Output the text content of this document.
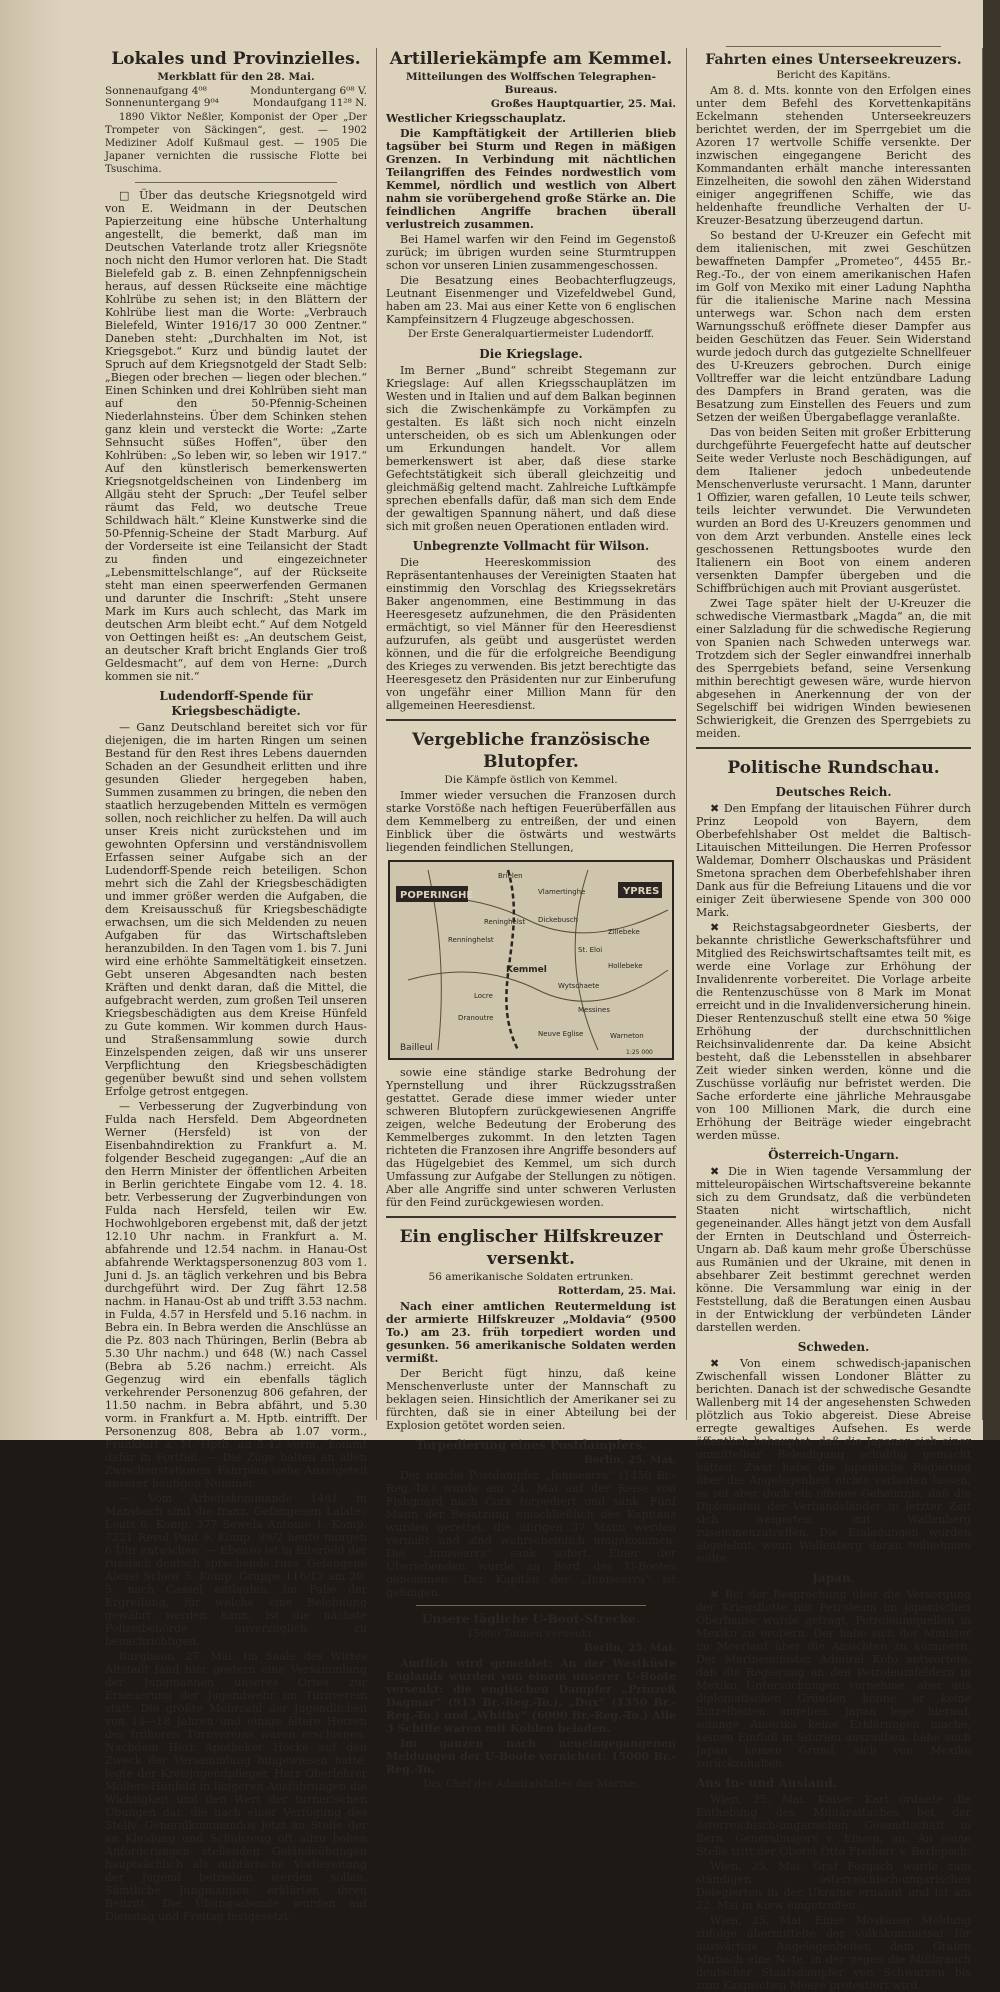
Lokales und Provinzielles.
Merkblatt für den 28. Mai.
Sonnenaufgang 4⁰⁸	Monduntergang 6⁰⁸ V.
Sonnenuntergang 9⁰⁴	Mondaufgang 11²⁸ N.
1890 Viktor Neßler, Komponist der Oper „Der Trompeter von Säckingen“, gest. — 1902 Mediziner Adolf Kußmaul gest. — 1905 Die Japaner vernichten die russische Flotte bei Tsuschima.
□ Über das deutsche Kriegsnotgeld wird von E. Weidmann in der Deutschen Papierzeitung eine hübsche Unterhaltung angestellt, die bemerkt, daß man im Deutschen Vaterlande trotz aller Kriegsnöte noch nicht den Humor verloren hat. Die Stadt Bielefeld gab z. B. einen Zehnpfennigschein heraus, auf dessen Rückseite eine mächtige Kohlrübe zu sehen ist; in den Blättern der Kohlrübe liest man die Worte: „Verbrauch Bielefeld, Winter 1916/17 30 000 Zentner.“ Daneben steht: „Durchhalten im Not, ist Kriegsgebot.“ Kurz und bündig lautet der Spruch auf dem Kriegsnotgeld der Stadt Selb: „Biegen oder brechen — liegen oder blechen.“ Einen Schinken und drei Kohlrüben sieht man auf den 50-Pfennig-Scheinen Niederlahnsteins. Über dem Schinken stehen ganz klein und versteckt die Worte: „Zarte Sehnsucht süßes Hoffen“, über den Kohlrüben: „So leben wir, so leben wir 1917.“ Auf den künstlerisch bemerkenswerten Kriegsnotgeldscheinen von Lindenberg im Allgäu steht der Spruch: „Der Teufel selber räumt das Feld, wo deutsche Treue Schildwach hält.“ Kleine Kunstwerke sind die 50-Pfennig-Scheine der Stadt Marburg. Auf der Vorderseite ist eine Teilansicht der Stadt zu finden und eingezeichneter „Lebensmittelschlange“, auf der Rückseite steht man einen speerwerfenden Germanen und darunter die Inschrift: „Steht unsere Mark im Kurs auch schlecht, das Mark im deutschen Arm bleibt echt.“ Auf dem Notgeld von Oettingen heißt es: „An deutschem Geist, an deutscher Kraft bricht Englands Gier troß Geldesmacht“, auf dem von Herne: „Durch kommen sie nit.“
Ludendorff-Spende für Kriegsbeschädigte.
— Ganz Deutschland bereitet sich vor für diejenigen, die im harten Ringen um seinen Bestand für den Rest ihres Lebens dauernden Schaden an der Gesundheit erlitten und ihre gesunden Glieder hergegeben haben, Summen zusammen zu bringen, die neben den staatlich herzugebenden Mitteln es vermögen sollen, noch reichlicher zu helfen. Da will auch unser Kreis nicht zurückstehen und im gewohnten Opfersinn und verständnisvollem Erfassen seiner Aufgabe sich an der Ludendorff-Spende reich beteiligen. Schon mehrt sich die Zahl der Kriegsbeschädigten und immer größer werden die Aufgaben, die dem Kreisausschuß für Kriegsbeschädigte erwachsen, um die sich Meldenden zu neuen Aufgaben für das Wirtschaftsleben heranzubilden. In den Tagen vom 1. bis 7. Juni wird eine erhöhte Sammeltätigkeit einsetzen. Gebt unseren Abgesandten nach besten Kräften und denkt daran, daß die Mittel, die aufgebracht werden, zum großen Teil unseren Kriegsbeschädigten aus dem Kreise Hünfeld zu Gute kommen. Wir kommen durch Haus- und Straßensammlung sowie durch Einzelspenden zeigen, daß wir uns unserer Verpflichtung den Kriegsbeschädigten gegenüber bewußt sind und sehen vollstem Erfolge getrost entgegen.
— Verbesserung der Zugverbindung von Fulda nach Hersfeld. Dem Abgeordneten Werner (Hersfeld) ist von der Eisenbahndirektion zu Frankfurt a. M. folgender Bescheid zugegangen: „Auf die an den Herrn Minister der öffentlichen Arbeiten in Berlin gerichtete Eingabe vom 12. 4. 18. betr. Verbesserung der Zugverbindungen von Fulda nach Hersfeld, teilen wir Ew. Hochwohlgeboren ergebenst mit, daß der jetzt 12.10 Uhr nachm. in Frankfurt a. M. abfahrende und 12.54 nachm. in Hanau-Ost abfahrende Werktagspersonenzug 803 vom 1. Juni d. Js. an täglich verkehren und bis Bebra durchgeführt wird. Der Zug fährt 12.58 nachm. in Hanau-Ost ab und trifft 3.53 nachm. in Fulda, 4.57 in Hersfeld und 5.16 nachm. in Bebra ein. In Bebra werden die Anschlüsse an die Pz. 803 nach Thüringen, Berlin (Bebra ab 5.30 Uhr nachm.) und 648 (W.) nach Cassel (Bebra ab 5.26 nachm.) erreicht. Als Gegenzug wird ein ebenfalls täglich verkehrender Personenzug 806 gefahren, der 11.50 nachm. in Bebra abfährt, und 5.30 vorm. in Frankfurt a. M. Hptb. eintrifft. Der Personenzug 808, Bebra ab 1.07 vorm., Frankfurt a. M. Hptb. an 5.42 vorm., kommt dafür in Fortfall. — Die Züge halten an allen Zwischenstationen. Fahrplan siehe Anzeigeteil unserer heutigen Nummer.
— Vom Arbeitskommando 1461 in Mansbach sind die franz. Gefangenen Lalatec Louis 6. Komp. 377 Sewela Antome 1. Komp. 7221 Revol Paul 9. Komp. 99/2 heute morgen 6 Uhr entwichen. — Ebenso ist in Eiterfeld der russisch deutsch sprechende russ. Gefangene Alexei Schew 5. Komp. Gruppe 116/12 am 20. 5. nach Cassel entlaufen. Im Falle der Ergreifung, für welche eine Belohnung gewährt werden kann, ist die nächste Polizeibehörde unverzüglich zu benachrichtigen.
Burghaun, 27. Mai. Im Saale des Wirtes Altstadt fand hier gestern eine Versammlung der Jungmannen unseres Ortes zur Erneuerung der Jugendwehr im Turnverein statt. Die größte Mehrzahl der Jugendlichen von 14—18 Jahren und einige ältere Herren des früheren Turnvereins waren erschienen. Nachdem Herr Apotheker Hocke auf den Zweck der Versammlung hingewiesen hatte, legte der Kreisjugendpfleger, Herr Oberlehrer Möllers-Hünfeld in längeren Ausführungen die Wichtigkeit und den Wert der turnerischen Übungen dar, die nach einer Verfügung des Stellv. Generalkommandos jetzt an Stelle der an Kleidung und Schuhzeug oft allzu hohen Anforderungen stellenden Geländeübungen hauptsächlich als militärische Vorbereitung der Jugend betrieben werden sollen. Sämtliche Jungmannen erklärten ihren Beitritt. Die Übungsabende wurden auf Dienstag und Freitag festgesetzt.
Artilleriekämpfe am Kemmel.
Mitteilungen des Wolffschen Telegraphen-Bureaus.
Großes Hauptquartier, 25. Mai.
Westlicher Kriegsschauplatz.
Die Kampftätigkeit der Artillerien blieb tagsüber bei Sturm und Regen in mäßigen Grenzen. In Verbindung mit nächtlichen Teilangriffen des Feindes nordwestlich vom Kemmel, nördlich und westlich von Albert nahm sie vorübergehend große Stärke an. Die feindlichen Angriffe brachen überall verlustreich zusammen.
Bei Hamel warfen wir den Feind im Gegenstoß zurück; im übrigen wurden seine Sturmtruppen schon vor unseren Linien zusammengeschossen.
Die Besatzung eines Beobachterflugzeugs, Leutnant Eisenmenger und Vizefeldwebel Gund, haben am 23. Mai aus einer Kette von 6 englischen Kampfeinsitzern 4 Flugzeuge abgeschossen.
Der Erste Generalquartiermeister Ludendorff.
Die Kriegslage.
Im Berner „Bund“ schreibt Stegemann zur Kriegslage: Auf allen Kriegsschauplätzen im Westen und in Italien und auf dem Balkan beginnen sich die Zwischenkämpfe zu Vorkämpfen zu gestalten. Es läßt sich noch nicht einzeln unterscheiden, ob es sich um Ablenkungen oder um Erkundungen handelt. Vor allem bemerkenswert ist aber, daß diese starke Gefechtstätigkeit sich überall gleichzeitig und gleichmäßig geltend macht. Zahlreiche Luftkämpfe sprechen ebenfalls dafür, daß man sich dem Ende der gewaltigen Spannung nähert, und daß diese sich mit großen neuen Operationen entladen wird.
Unbegrenzte Vollmacht für Wilson.
Die Heereskommission des Repräsentantenhauses der Vereinigten Staaten hat einstimmig den Vorschlag des Kriegssekretärs Baker angenommen, eine Bestimmung in das Heeresgesetz aufzunehmen, die den Präsidenten ermächtigt, so viel Männer für den Heeresdienst aufzurufen, als geübt und ausgerüstet werden können, und die für die erfolgreiche Beendigung des Krieges zu verwenden. Bis jetzt berechtigte das Heeresgesetz den Präsidenten nur zur Einberufung von ungefähr einer Million Mann für den allgemeinen Heeresdienst.
Vergebliche französische Blutopfer.
Die Kämpfe östlich von Kemmel.
Immer wieder versuchen die Franzosen durch starke Vorstöße nach heftigen Feuerüberfällen aus dem Kemmelberg zu entreißen, der und einen Einblick über die östwärts und westwärts liegenden feindlichen Stellungen,
POPERINGHE	YPRES
Bailleul
Kemmel
Brielen
Vlamertinghe
Dickebusch
Zillebeke
Renninghelst
Locre
Dranoutre
Wytschaete
Messines
Neuve Eglise	Warneton
Hollebeke
Reninghelst
St. Eloi
1:25 000
sowie eine ständige starke Bedrohung der Ypernstellung und ihrer Rückzugsstraßen gestattet. Gerade diese immer wieder unter schweren Blutopfern zurückgewiesenen Angriffe zeigen, welche Bedeutung der Eroberung des Kemmelberges zukommt. In den letzten Tagen richteten die Franzosen ihre Angriffe besonders auf das Hügelgebiet des Kemmel, um sich durch Umfassung zur Aufgabe der Stellungen zu nötigen. Aber alle Angriffe sind unter schweren Verlusten für den Feind zurückgewiesen worden.
Ein englischer Hilfskreuzer versenkt.
56 amerikanische Soldaten ertrunken.
Rotterdam, 25. Mai.
Nach einer amtlichen Reutermeldung ist der armierte Hilfskreuzer „Moldavia“ (9500 To.) am 23. früh torpediert worden und gesunken. 56 amerikanische Soldaten werden vermißt.
Der Bericht fügt hinzu, daß keine Menschenverluste unter der Mannschaft zu beklagen seien. Hinsichtlich der Amerikaner sei zu fürchten, daß sie in einer Abteilung bei der Explosion getötet worden seien.
Torpedierung eines Postdampfers.
Berlin, 25. Mai.
Der irische Postdampfer „Innisearra“ (1450 Br.-Reg.-To.) wurde am 24. Mai auf der Reise von Fishguard nach Cork torpediert und sank. Fünf Mann der Besatzung einschließlich des Kapitäns wurden gerettet, die übrigen 37 Mann werden vermißt und sind wahrscheinlich umgekommen. Die „Innisearra“ sank sofort. Einer der Überlebenden wurde an Bord des U-Bootes genommen. Der Kapitän der „Innisearra“ ist gefangen.
Unsere tägliche U-Boot-Strecke.
15000 Tonnen versenkt.
Berlin, 25. Mai.
Amtlich wird gemeldet: An der Westküste Englands wurden von einem unserer U-Boote versenkt: die englischen Dampfer „Prinzeß Dagmar“ (913 Br.-Reg.-To.), „Dux“ (1350 Br.-Reg.-To.) und „Whitby“ (6000 Br.-Reg.-To.) Alle 3 Schiffe waren mit Kohlen beladen.
Im ganzen nach neueingegangenen Meldungen der U-Boote vernichtet: 15000 Br.-Reg.-To.
Der Chef des Admiralstabes der Marine.
Fahrten eines Unterseekreuzers.
Bericht des Kapitäns.
Am 8. d. Mts. konnte von den Erfolgen eines unter dem Befehl des Korvettenkapitäns Eckelmann stehenden Unterseekreuzers berichtet werden, der im Sperrgebiet um die Azoren 17 wertvolle Schiffe versenkte. Der inzwischen eingegangene Bericht des Kommandanten erhält manche interessanten Einzelheiten, die sowohl den zähen Widerstand einiger angegriffenen Schiffe, wie das heldenhafte freundliche Verhalten der U-Kreuzer-Besatzung überzeugend dartun.
So bestand der U-Kreuzer ein Gefecht mit dem italienischen, mit zwei Geschützen bewaffneten Dampfer „Prometeo“, 4455 Br.-Reg.-To., der von einem amerikanischen Hafen im Golf von Mexiko mit einer Ladung Naphtha für die italienische Marine nach Messina unterwegs war. Schon nach dem ersten Warnungsschuß eröffnete dieser Dampfer aus beiden Geschützen das Feuer. Sein Widerstand wurde jedoch durch das gutgezielte Schnellfeuer des U-Kreuzers gebrochen. Durch einige Volltreffer war die leicht entzündbare Ladung des Dampfers in Brand geraten, was die Besatzung zum Einstellen des Feuers und zum Setzen der weißen Übergabeflagge veranlaßte.
Das von beiden Seiten mit großer Erbitterung durchgeführte Feuergefecht hatte auf deutscher Seite weder Verluste noch Beschädigungen, auf dem Italiener jedoch unbedeutende Menschenverluste verursacht. 1 Mann, darunter 1 Offizier, waren gefallen, 10 Leute teils schwer, teils leichter verwundet. Die Verwundeten wurden an Bord des U-Kreuzers genommen und von dem Arzt verbunden. Anstelle eines leck geschossenen Rettungsbootes wurde den Italienern ein Boot von einem anderen versenkten Dampfer übergeben und die Schiffbrüchigen auch mit Proviant ausgerüstet.
Zwei Tage später hielt der U-Kreuzer die schwedische Viermastbark „Magda“ an, die mit einer Salzladung für die schwedische Regierung von Spanien nach Schweden unterwegs war. Trotzdem sich der Segler einwandfrei innerhalb des Sperrgebiets befand, seine Versenkung mithin berechtigt gewesen wäre, wurde hiervon abgesehen in Anerkennung der von der Segelschiff bei widrigen Winden bewiesenen Schwierigkeit, die Grenzen des Sperrgebiets zu meiden.
Politische Rundschau.
Deutsches Reich.
✖ Den Empfang der litauischen Führer durch Prinz Leopold von Bayern, dem Oberbefehlshaber Ost meldet die Baltisch-Litauischen Mitteilungen. Die Herren Professor Waldemar, Domherr Olschauskas und Präsident Smetona sprachen dem Oberbefehlshaber ihren Dank aus für die Befreiung Litauens und die vor einiger Zeit überwiesene Spende von 300 000 Mark.
✖ Reichstagsabgeordneter Giesberts, der bekannte christliche Gewerkschaftsführer und Mitglied des Reichswirtschaftsamtes teilt mit, es werde eine Vorlage zur Erhöhung der Invalidenrente vorbereitet. Die Vorlage arbeite die Rentenzuschüsse von 8 Mark im Monat erreicht und in die Invalidenversicherung hinein. Dieser Rentenzuschuß stellt eine etwa 50 %ige Erhöhung der durchschnittlichen Reichsinvalidenrente dar. Da keine Absicht besteht, daß die Lebensstellen in absehbarer Zeit wieder sinken werden, könne und die Zuschüsse vorläufig nur befristet werden. Die Sache erforderte eine jährliche Mehrausgabe von 100 Millionen Mark, die durch eine Erhöhung der Beiträge wieder eingebracht werden müsse.
Österreich-Ungarn.
✖ Die in Wien tagende Versammlung der mitteleuropäischen Wirtschaftsvereine bekannte sich zu dem Grundsatz, daß die verbündeten Staaten nicht wirtschaftlich, nicht gegeneinander. Alles hängt jetzt von dem Ausfall der Ernten in Deutschland und Österreich-Ungarn ab. Daß kaum mehr große Überschüsse aus Rumänien und der Ukraine, mit denen in absehbarer Zeit bestimmt gerechnet werden könne. Die Versammlung war einig in der Feststellung, daß die Beratungen einen Ausbau in der Entwicklung der verbündeten Länder darstellen werden.
Schweden.
✖ Von einem schwedisch-japanischen Zwischenfall wissen Londoner Blätter zu berichten. Danach ist der schwedische Gesandte Wallenberg mit 14 der angesehensten Schweden plötzlich aus Tokio abgereist. Diese Abreise erregte gewaltiges Aufsehen. Es werde öffentlich behauptet, daß die Japaner sich einer unmittelbar Beleidigung schuldig gemacht hätten. Zwar habe die japanische Regierung über die Angelegenheit nichts verlauten lassen, es sei aber doch ein offenes Geheimnis, daß die Diplomaten der Verbandsländer in letzter Zeit sich weigerten, mit Wallenberg zusammenzutreffen. Die Einladungen wurden abgelehnt, wenn Wallenberg daran teilnehmen sollte.
Japan.
✖ Bei der Besprechung über die Versorgung der Kriegsflotte mit Petroleum im japanischen Oberhause wurde gefragt, Petroleumquellen in Mexiko zu erobern. Der habe sich der Minister im Meerlauf über die Ansichten zu kümmern. Der Marineminister Admiral Koto antwortete, daß die Regierung an den Petroleumfeldern in Mexiko Untersuchungen vornehme, aber aus diplomatischen Gründen könne er keine Einzelheiten angeben. Japan lege hierauf, solange Amerika keine Erklärungen mache, keinen Einfluß in Sibirien auszuüben, habe auch Japan keinen Grund, sich von Mexiko zurückzuhalten.
Aus In- und Ausland.
Wien, 25. Mai. Kaiser Karl ordnete die Enthebung des Militärattachés bei der österreichisch-ungarischen Gesandtschaft in Bern, Generalmajors v. Einem, an. An seine Stelle tritt der Oberst Otto Freiherr v. Berlepsch.
Wien, 25. Mai. Graf Forgach wurde zum ständigen österreichisch-ungarischen Delegierten in der Ukraine ernannt und ist am 22. Mai in Kiew eingetroffen.
Wien, 25. Mai. Einer Moskauer Meldung zufolge übermittelte der Volkskommissar für auswärtige Angelegenheiten dem Grafen Mirbach eine Note, in der gegen die Mißbrauch deutscher Staatsdampfer von Schwarzen bis zum Kaspischen Meere protestiert wird.
